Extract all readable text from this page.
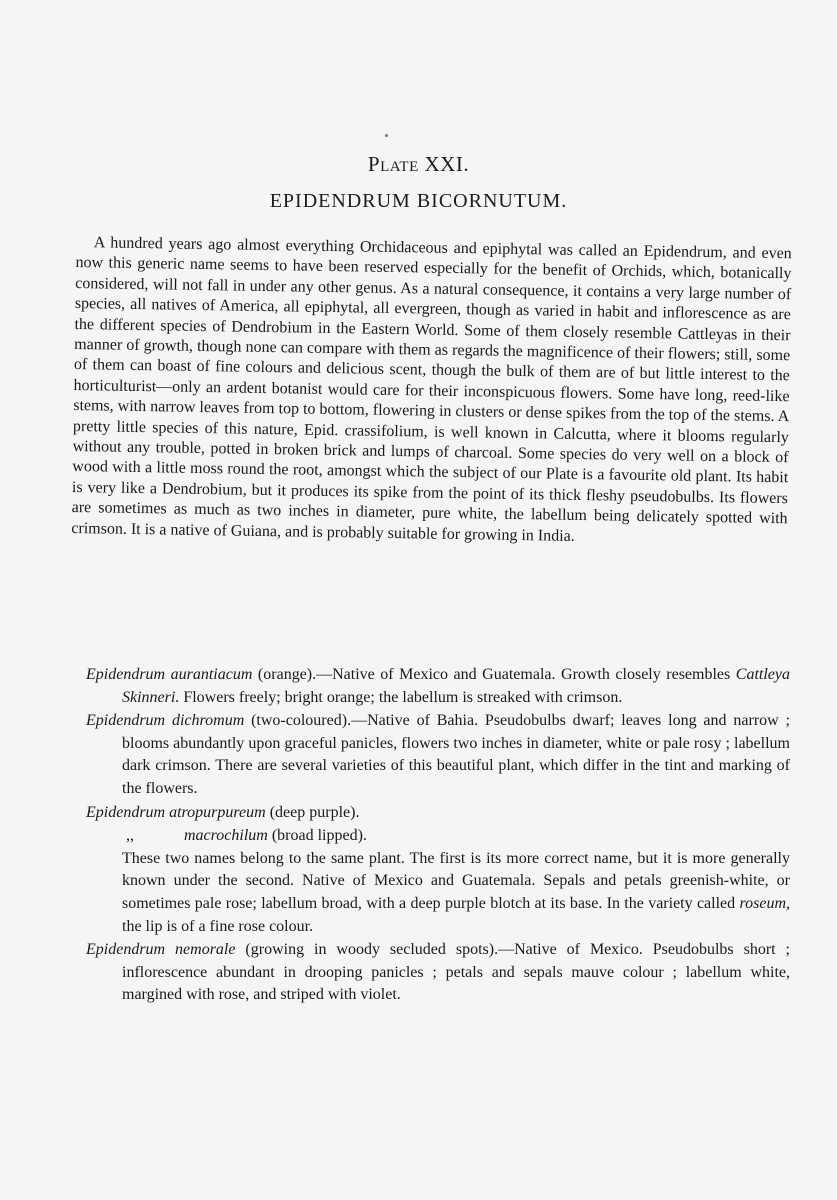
Plate XXI.
EPIDENDRUM BICORNUTUM.

A hundred years ago almost everything Orchidaceous and epiphytal was called an Epidendrum, and even now this generic name seems to have been reserved especially for the benefit of Orchids, which, botanically considered, will not fall in under any other genus. As a natural consequence, it contains a very large number of species, all natives of America, all epiphytal, all evergreen, though as varied in habit and inflorescence as are the different species of Dendrobium in the Eastern World. Some of them closely resemble Cattleyas in their manner of growth, though none can compare with them as regards the magnificence of their flowers; still, some of them can boast of fine colours and delicious scent, though the bulk of them are of but little interest to the horticulturist—only an ardent botanist would care for their inconspicuous flowers. Some have long, reed-like stems, with narrow leaves from top to bottom, flowering in clusters or dense spikes from the top of the stems. A pretty little species of this nature, Epid. crassifolium, is well known in Calcutta, where it blooms regularly without any trouble, potted in broken brick and lumps of charcoal. Some species do very well on a block of wood with a little moss round the root, amongst which the subject of our Plate is a favourite old plant. Its habit is very like a Dendrobium, but it produces its spike from the point of its thick fleshy pseudobulbs. Its flowers are sometimes as much as two inches in diameter, pure white, the labellum being delicately spotted with crimson. It is a native of Guiana, and is probably suitable for growing in India.

Epidendrum aurantiacum (orange).—Native of Mexico and Guatemala. Growth closely resembles Cattleya Skinneri. Flowers freely; bright orange; the labellum is streaked with crimson.
Epidendrum dichromum (two-coloured).—Native of Bahia. Pseudobulbs dwarf; leaves long and narrow ; blooms abundantly upon graceful panicles, flowers two inches in diameter, white or pale rosy ; labellum dark crimson. There are several varieties of this beautiful plant, which differ in the tint and marking of the flowers.
Epidendrum atropurpureum (deep purple).
,,	macrochilum (broad lipped).
These two names belong to the same plant. The first is its more correct name, but it is more generally known under the second. Native of Mexico and Guatemala. Sepals and petals greenish-white, or sometimes pale rose; labellum broad, with a deep purple blotch at its base. In the variety called roseum, the lip is of a fine rose colour.
Epidendrum nemorale (growing in woody secluded spots).—Native of Mexico. Pseudobulbs short ; inflorescence abundant in drooping panicles ; petals and sepals mauve colour ; labellum white, margined with rose, and striped with violet.
